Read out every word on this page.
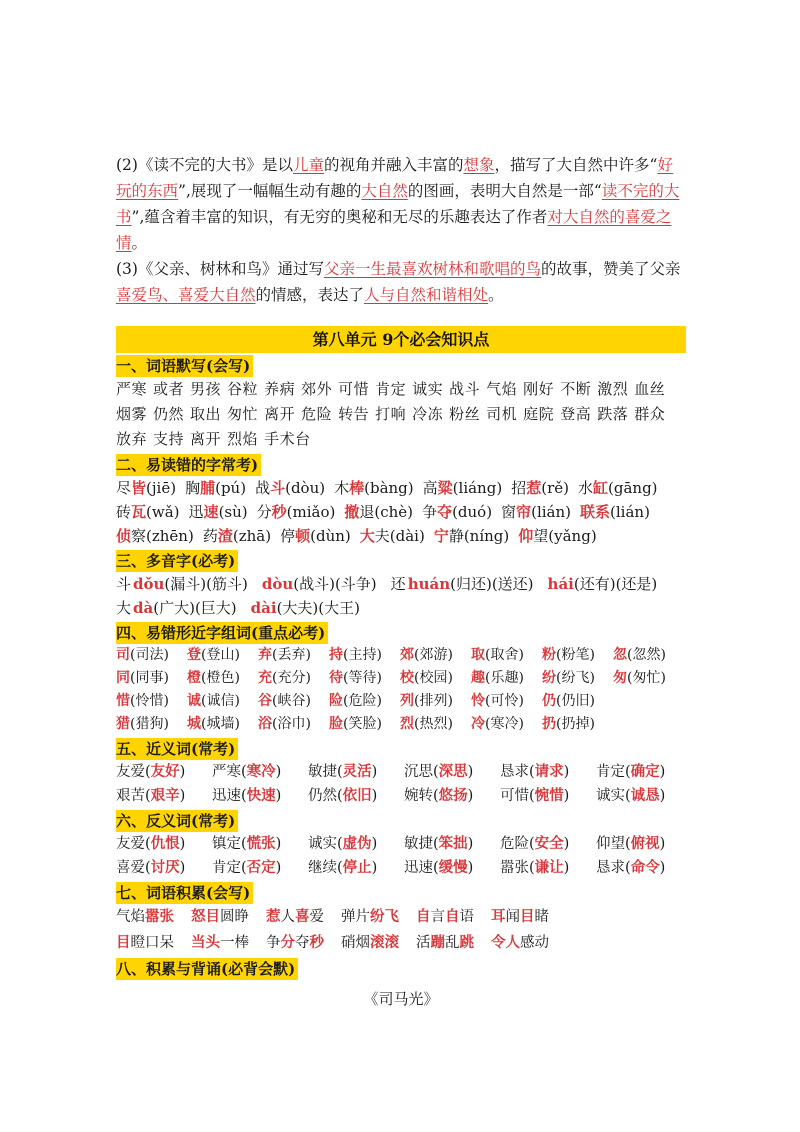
(2)《读不完的大书》是以儿童的视角并融入丰富的想象，描写了大自然中许多“好玩的东西”,展现了一幅幅生动有趣的大自然的图画，表明大自然是一部“读不完的大书”,蕴含着丰富的知识，有无穷的奥秘和无尽的乐趣表达了作者对大自然的喜爱之情。

(3)《父亲、树林和鸟》通过写父亲一生最喜欢树林和歌唱的鸟的故事，赞美了父亲喜爱鸟、喜爱大自然的情感，表达了人与自然和谐相处。

第八单元 9个必会知识点
一、词语默写(会写)

严寒 或者 男孩 谷粒 养病 郊外 可惜 肯定 诚实 战斗 气焰 刚好 不断 激烈 血丝烟雾 仍然 取出 匆忙 离开 危险 转告 打响 冷冻 粉丝 司机 庭院 登高 跌落 群众放弃 支持 离开 烈焰 手术台

二、易读错的字常考)
尽皆(jiē) 胸脯(pú) 战斗(dòu) 木棒(bàng) 高粱(liáng) 招惹(rě) 水缸(gāng)
砖瓦(wǎ) 迅速(sù) 分秒(miǎo) 撤退(chè) 争夺(duó) 窗帘(lián) 联系(lián)
侦察(zhēn) 药渣(zhā) 停顿(dùn) 大夫(dài) 宁静(níng) 仰望(yǎng)
三、多音字(必考)
斗dǒu(漏斗)(筋斗) dòu(战斗)(斗争) 还huán(归还)(送还) hái(还有)(还是)
大dà(广大)(巨大) dài(大夫)(大王)
四、易错形近字组词(重点必考)
司(司法) 登(登山) 弃(丢弃) 持(主持) 郊(郊游) 取(取舍) 粉(粉笔) 忽(忽然)
同(同事) 橙(橙色) 充(充分) 待(等待) 校(校园) 趣(乐趣) 纷(纷飞) 匆(匆忙)
惜(怜惜) 诚(诚信) 谷(峡谷) 险(危险) 列(排列) 怜(可怜) 仍(仍旧)
猎(猎狗) 城(城墙) 浴(浴巾) 脸(笑脸) 烈(热烈) 冷(寒冷) 扔(扔掉)
五、近义词(常考)
友爱(友好) 严寒(寒冷) 敏捷(灵活) 沉思(深思) 恳求(请求) 肯定(确定)
艰苦(艰辛) 迅速(快速) 仍然(依旧) 婉转(悠扬) 可惜(惋惜) 诚实(诚恳)
六、反义词(常考)
友爱(仇恨) 镇定(慌张) 诚实(虚伪) 敏捷(笨拙) 危险(安全) 仰望(俯视)
喜爱(讨厌) 肯定(否定) 继续(停止) 迅速(缓慢) 嚣张(谦让) 恳求(命令)
七、词语积累(会写)
气焰嚣张 怒目圆睁 惹人喜爱 弹片纷飞 自言自语 耳闻目睹
目瞪口呆 当头一棒 争分夺秒 硝烟滚滚 活蹦乱跳 令人感动
八、积累与背诵(必背会默)
《司马光》
